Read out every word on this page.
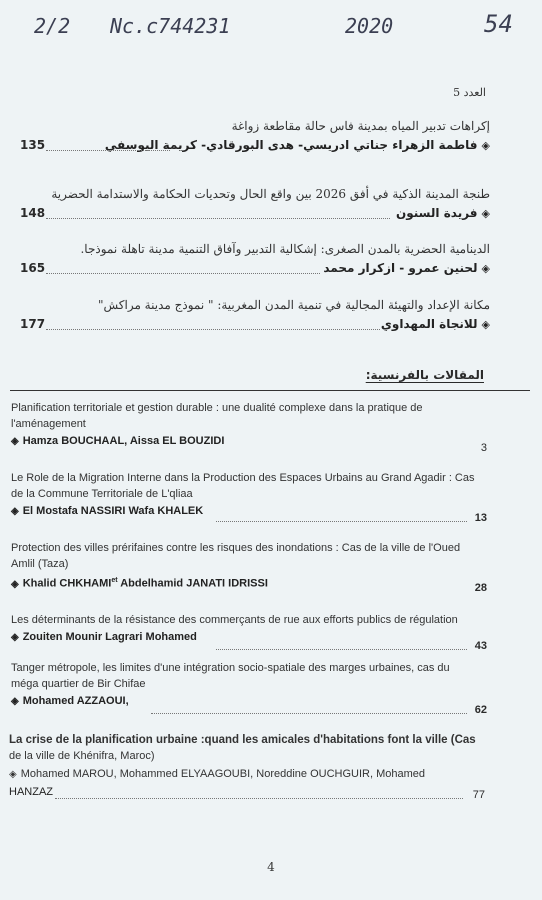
2/2 Nc.c744231	2020	54
العدد 5
إكراهات تدبير المياه بمدينة فاس حالة مقاطعة زواغة
◈فاطمة الزهراء جناتي ادريسي- هدى البورقادي- كريمة اليوسفي
135
طنجة المدينة الذكية في أفق 2026 بين واقع الحال وتحديات الحكامة والاستدامة الحضرية
◈فريدة السنون
148
الدينامية الحضرية بالمدن الصغرى: إشكالية التدبير وآفاق التنمية مدينة تاهلة نموذجا.
◈لحنين عمرو - ازكرار محمد
165
مكانة الإعداد والتهيئة المجالية في تنمية المدن المغربية: " نموذج مدينة مراكش"
◈للانجاة المهداوي
177
المقالات بالفرنسية:
Planification territoriale et gestion durable : une dualité complexe dans la pratique de
l'aménagement
◈ Hamza BOUCHAAL, Aissa EL BOUZIDI
3
Le Role de la Migration Interne dans la Production des Espaces Urbains au Grand Agadir : Cas
de la Commune Territoriale de L'qliaa
◈ El Mostafa NASSIRI Wafa KHALEK
13
Protection des villes prérifaines contre les risques des inondations : Cas de la ville de l'Oued
Amlil (Taza)
◈ Khalid $CHKHAMI^{et}$ Abdelhamid JANATI IDRISSI	28
Les déterminants de la résistance des commerçants de rue aux efforts publics de régulation
◈ Zouiten Mounir Lagrari Mohamed
43
Tanger métropole, les limites d'une intégration socio-spatiale des marges urbaines, cas du
méga quartier de Bir Chifae
◈ Mohamed AZZAOUI,
62
La crise de la planification urbaine :quand les amicales d'habitations font la ville (Cas
de la ville de Khénifra, Maroc)
◈ Mohamed MAROU, Mohammed ELYAAGOUBI, Noreddine OUCHGUIR, Mohamed
HANZAZ	77
4
